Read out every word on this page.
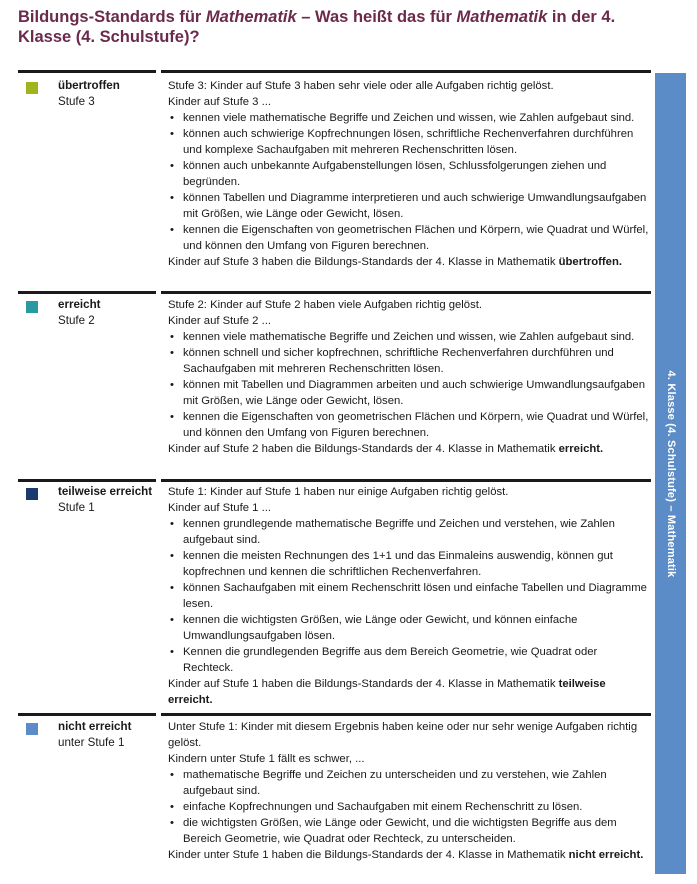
Bildungs-Standards für Mathematik – Was heißt das für Mathematik in der 4. Klasse (4. Schulstufe)?
4. Klasse (4. Schulstufe) – Mathematik
übertroffen
Stufe 3

Stufe 3: Kinder auf Stufe 3 haben sehr viele oder alle Aufgaben richtig gelöst.

Kinder auf Stufe 3 ...

• kennen viele mathematische Begriffe und Zeichen und wissen, wie Zahlen aufgebaut sind.
• können auch schwierige Kopfrechnungen lösen, schriftliche Rechenverfahren durchführen und komplexe Sachaufgaben mit mehreren Rechenschritten lösen.
• können auch unbekannte Aufgabenstellungen lösen, Schlussfolgerungen ziehen und begründen.
• können Tabellen und Diagramme interpretieren und auch schwierige Umwandlungsaufgaben mit Größen, wie Länge oder Gewicht, lösen.
• kennen die Eigenschaften von geometrischen Flächen und Körpern, wie Quadrat und Würfel, und können den Umfang von Figuren berechnen.

Kinder auf Stufe 3 haben die Bildungs-Standards der 4. Klasse in Mathematik übertroffen.

erreicht
Stufe 2

Stufe 2: Kinder auf Stufe 2 haben viele Aufgaben richtig gelöst.

Kinder auf Stufe 2 ...

• kennen viele mathematische Begriffe und Zeichen und wissen, wie Zahlen aufgebaut sind.
• können schnell und sicher kopfrechnen, schriftliche Rechenverfahren durchführen und Sachaufgaben mit mehreren Rechenschritten lösen.
• können mit Tabellen und Diagrammen arbeiten und auch schwierige Umwandlungsaufgaben mit Größen, wie Länge oder Gewicht, lösen.
• kennen die Eigenschaften von geometrischen Flächen und Körpern, wie Quadrat und Würfel, und können den Umfang von Figuren berechnen.

Kinder auf Stufe 2 haben die Bildungs-Standards der 4. Klasse in Mathematik erreicht.

teilweise erreicht
Stufe 1

Stufe 1: Kinder auf Stufe 1 haben nur einige Aufgaben richtig gelöst.

Kinder auf Stufe 1 ...

• kennen grundlegende mathematische Begriffe und Zeichen und verstehen, wie Zahlen aufgebaut sind.
• kennen die meisten Rechnungen des 1+1 und das Einmaleins auswendig, können gut kopfrechnen und kennen die schriftlichen Rechenverfahren.
• können Sachaufgaben mit einem Rechenschritt lösen und einfache Tabellen und Diagramme lesen.
• kennen die wichtigsten Größen, wie Länge oder Gewicht, und können einfache Umwandlungsaufgaben lösen.
• Kennen die grundlegenden Begriffe aus dem Bereich Geometrie, wie Quadrat oder Rechteck.

Kinder auf Stufe 1 haben die Bildungs-Standards der 4. Klasse in Mathematik teilweise erreicht.

nicht erreicht
unter Stufe 1

Unter Stufe 1: Kinder mit diesem Ergebnis haben keine oder nur sehr wenige Aufgaben richtig gelöst.

Kindern unter Stufe 1 fällt es schwer, ...

• mathematische Begriffe und Zeichen zu unterscheiden und zu verstehen, wie Zahlen aufgebaut sind.
• einfache Kopfrechnungen und Sachaufgaben mit einem Rechenschritt zu lösen.
• die wichtigsten Größen, wie Länge oder Gewicht, und die wichtigsten Begriffe aus dem Bereich Geometrie, wie Quadrat oder Rechteck, zu unterscheiden.

Kinder unter Stufe 1 haben die Bildungs-Standards der 4. Klasse in Mathematik nicht erreicht.
